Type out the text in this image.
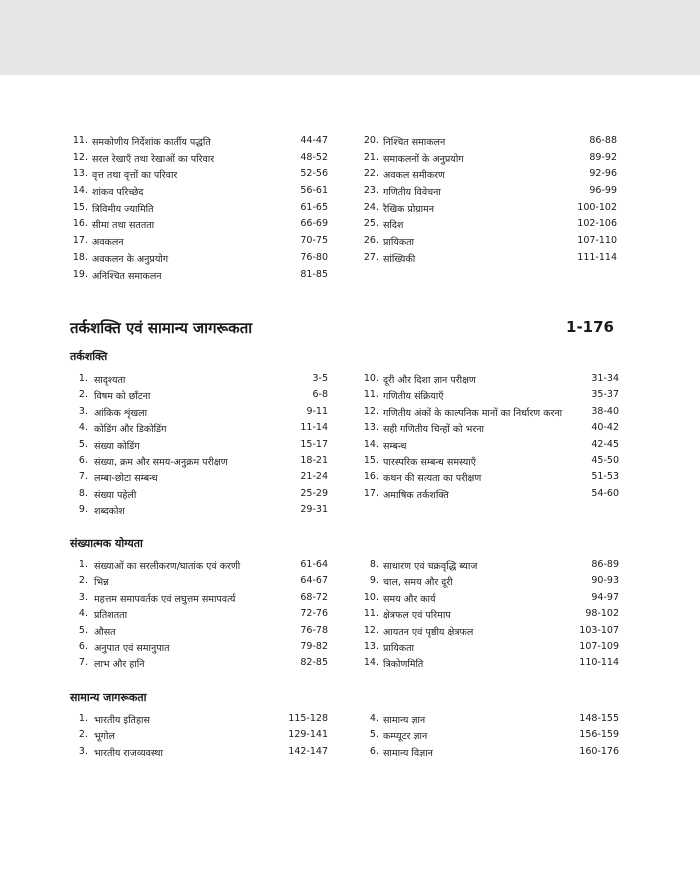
11. समकोणीय निर्देशांक कार्तीय पद्धति	44-47
12. सरल रेखाएँ तथा रेखाओं का परिवार	48-52
13. वृत्त तथा वृत्तों का परिवार	52-56
14. शांकव परिच्छेद	56-61
15. त्रिविमीय ज्यामिति	61-65
16. सीमा तथा सततता	66-69
17. अवकलन	70-75
18. अवकलन के अनुप्रयोग	76-80
19. अनिश्चित समाकलन	81-85
20. निश्चित समाकलन	86-88
21. समाकलनों के अनुप्रयोग	89-92
22. अवकल समीकरण	92-96
23. गणितीय विवेचना	96-99
24. रैखिक प्रोग्रामन	100-102
25. सदिश	102-106
26. प्रायिकता	107-110
27. सांख्यिकी	111-114
तर्कशक्ति एवं सामान्य जागरूकता	1-176
तर्कशक्ति
1. सादृश्यता	3-5
2. विषम को छाँटना	6-8
3. आंकिक शृंखला	9-11
4. कोडिंग और डिकोडिंग	11-14
5. संख्या कोडिंग	15-17
6. संख्या, क्रम और समय-अनुक्रम परीक्षण	18-21
7. लम्बा-छोटा सम्बन्ध	21-24
8. संख्या पहेली	25-29
9. शब्दकोश	29-31
10. दूरी और दिशा ज्ञान परीक्षण	31-34
11. गणितीय संक्रियाएँ	35-37
12. गणितीय अंकों के काल्पनिक मानों का निर्धारण करना	38-40
13. सही गणितीय चिन्हों को भरना	40-42
14. सम्बन्ध	42-45
15. पारस्परिक सम्बन्ध समस्याएँ	45-50
16. कथन की सत्यता का परीक्षण	51-53
17. अमाषिक तर्कशक्ति	54-60
संख्यात्मक योग्यता
1. संख्याओं का सरलीकरण/घातांक एवं करणी	61-64
2. भिन्न	64-67
3. महत्तम समापवर्तक एवं लघुत्तम समापवर्त्य	68-72
4. प्रतिशतता	72-76
5. औसत	76-78
6. अनुपात एवं समानुपात	79-82
7. लाभ और हानि	82-85
8. साधारण एवं चक्रवृद्धि ब्याज	86-89
9. चाल, समय और दूरी	90-93
10. समय और कार्य	94-97
11. क्षेत्रफल एवं परिमाप	98-102
12. आयतन एवं पृष्ठीय क्षेत्रफल	103-107
13. प्रायिकता	107-109
14. त्रिकोणमिति	110-114
सामान्य जागरूकता
1. भारतीय इतिहास	115-128
2. भूगोल	129-141
3. भारतीय राजव्यवस्था	142-147
4. सामान्य ज्ञान	148-155
5. कम्प्यूटर ज्ञान	156-159
6. सामान्य विज्ञान	160-176
